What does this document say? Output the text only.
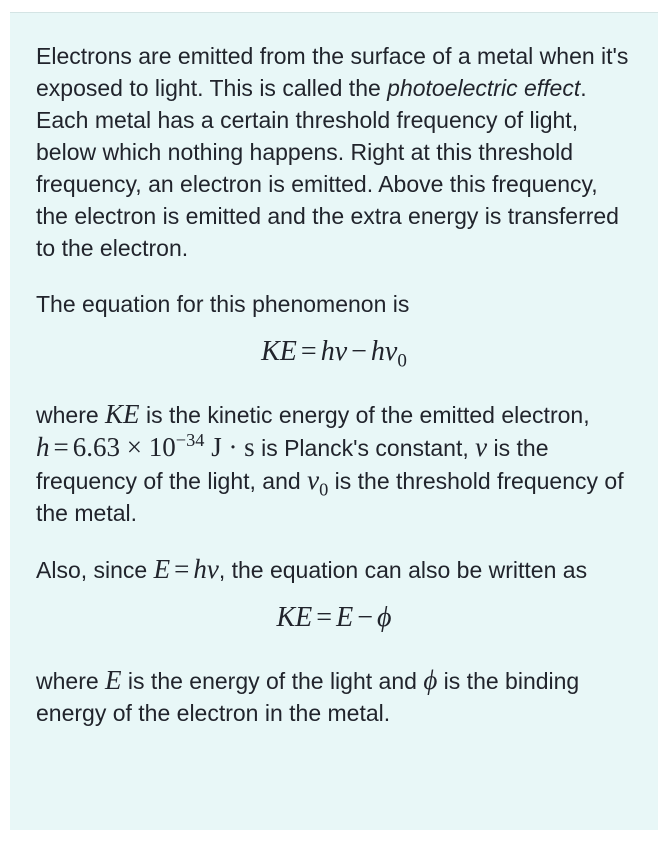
Electrons are emitted from the surface of a metal when it's exposed to light. This is called the photoelectric effect. Each metal has a certain threshold frequency of light, below which nothing happens. Right at this threshold frequency, an electron is emitted. Above this frequency, the electron is emitted and the extra energy is transferred to the electron.

The equation for this phenomenon is

KE = $h\nu - h\nu_0$

where KE is the kinetic energy of the emitted electron, $h = 6.63 \times 10^{-34}$ J · s is Planck's constant, ν is the frequency of the light, and $\nu_0$ is the threshold frequency of the metal.

Also, since E = hν, the equation can also be written as

KE = E − ϕ

where E is the energy of the light and ϕ is the binding energy of the electron in the metal.
